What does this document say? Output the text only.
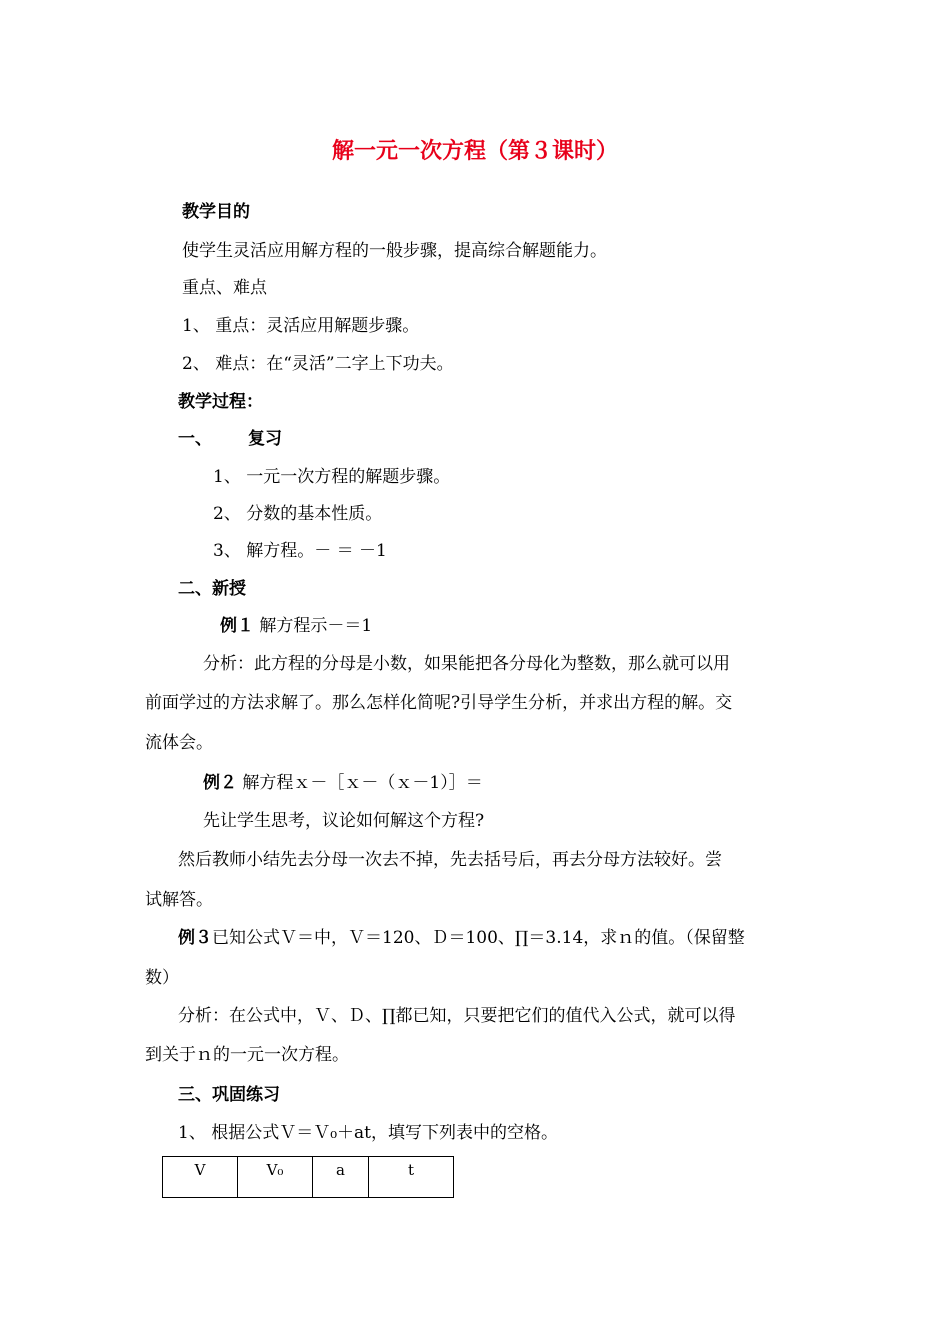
解一元一次方程（第３课时）
教学目的
使学生灵活应用解方程的一般步骤，提高综合解题能力。
重点、难点
1、 重点：灵活应用解题步骤。
2、 难点：在“灵活”二字上下功夫。
教学过程：
一、 复习
1、 一元一次方程的解题步骤。
2、 分数的基本性质。
3、 解方程。－ ＝ －1
二、新授
例１ 解方程示－＝1
分析：此方程的分母是小数，如果能把各分母化为整数，那么就可以用
前面学过的方法求解了。那么怎样化简呢?引导学生分析，并求出方程的解。交
流体会。
例２ 解方程ｘ－［ｘ－（ｘ－1）］＝
先让学生思考，议论如何解这个方程?
然后教师小结先去分母一次去不掉，先去括号后，再去分母方法较好。尝
试解答。
例３已知公式Ｖ＝中，Ｖ＝120、Ｄ＝100、∏＝3.14，求ｎ的值。（保留整
数）
分析：在公式中，Ｖ、Ｄ、∏都已知，只要把它们的值代入公式，就可以得
到关于ｎ的一元一次方程。
三、巩固练习
1、 根据公式Ｖ＝Ｖ₀＋at，填写下列表中的空格。
V	V₀	a	t
